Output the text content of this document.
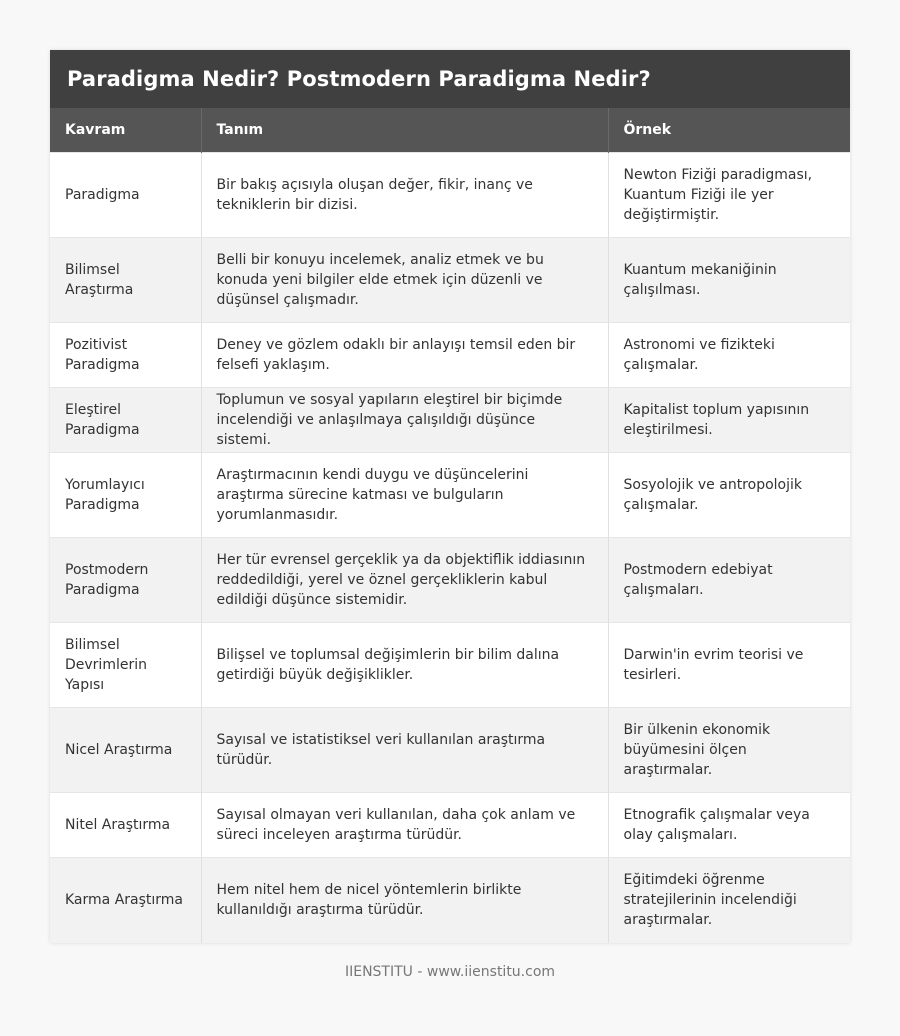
Paradigma Nedir? Postmodern Paradigma Nedir?
Kavram	Tanım	Örnek
Paradigma	Bir bakış açısıyla oluşan değer, fikir, inanç ve tekniklerin bir dizisi.	Newton Fiziği paradigması, Kuantum Fiziği ile yer değiştirmiştir.
Bilimsel Araştırma	Belli bir konuyu incelemek, analiz etmek ve bu konuda yeni bilgiler elde etmek için düzenli ve düşünsel çalışmadır.	Kuantum mekaniğinin çalışılması.
Pozitivist Paradigma	Deney ve gözlem odaklı bir anlayışı temsil eden bir felsefi yaklaşım.	Astronomi ve fizikteki çalışmalar.
Eleştirel Paradigma	Toplumun ve sosyal yapıların eleştirel bir biçimde incelendiği ve anlaşılmaya çalışıldığı düşünce sistemi.	Kapitalist toplum yapısının eleştirilmesi.
Yorumlayıcı Paradigma	Araştırmacının kendi duygu ve düşüncelerini araştırma sürecine katması ve bulguların yorumlanmasıdır.	Sosyolojik ve antropolojik çalışmalar.
Postmodern Paradigma	Her tür evrensel gerçeklik ya da objektiflik iddiasının reddedildiği, yerel ve öznel gerçekliklerin kabul edildiği düşünce sistemidir.	Postmodern edebiyat çalışmaları.
Bilimsel Devrimlerin Yapısı	Bilişsel ve toplumsal değişimlerin bir bilim dalına getirdiği büyük değişiklikler.	Darwin'in evrim teorisi ve tesirleri.
Nicel Araştırma	Sayısal ve istatistiksel veri kullanılan araştırma türüdür.	Bir ülkenin ekonomik büyümesini ölçen araştırmalar.
Nitel Araştırma	Sayısal olmayan veri kullanılan, daha çok anlam ve süreci inceleyen araştırma türüdür.	Etnografik çalışmalar veya olay çalışmaları.
Karma Araştırma	Hem nitel hem de nicel yöntemlerin birlikte kullanıldığı araştırma türüdür.	Eğitimdeki öğrenme stratejilerinin incelendiği araştırmalar.
IIENSTITU - www.iienstitu.com
